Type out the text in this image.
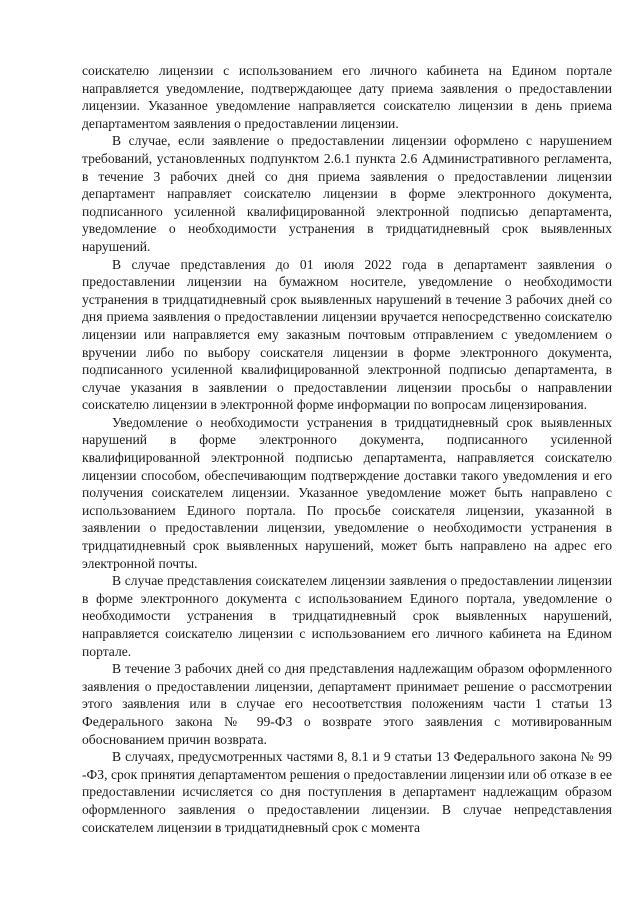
соискателю лицензии с использованием его личного кабинета на Едином портале направляется уведомление, подтверждающее дату приема заявления о предоставлении лицензии. Указанное уведомление направляется соискателю лицензии в день приема департаментом заявления о предоставлении лицензии.

В случае, если заявление о предоставлении лицензии оформлено с нарушением требований, установленных подпунктом 2.6.1 пункта 2.6 Административного регламента, в течение 3 рабочих дней со дня приема заявления о предоставлении лицензии департамент направляет соискателю лицензии в форме электронного документа, подписанного усиленной квалифицированной электронной подписью департамента, уведомление о необходимости устранения в тридцатидневный срок выявленных нарушений.

В случае представления до 01 июля 2022 года в департамент заявления о предоставлении лицензии на бумажном носителе, уведомление о необходимости устранения в тридцатидневный срок выявленных нарушений в течение 3 рабочих дней со дня приема заявления о предоставлении лицензии вручается непосредственно соискателю лицензии или направляется ему заказным почтовым отправлением с уведомлением о вручении либо по выбору соискателя лицензии в форме электронного документа, подписанного усиленной квалифицированной электронной подписью департамента, в случае указания в заявлении о предоставлении лицензии просьбы о направлении соискателю лицензии в электронной форме информации по вопросам лицензирования.

Уведомление о необходимости устранения в тридцатидневный срок выявленных нарушений в форме электронного документа, подписанного усиленной квалифицированной электронной подписью департамента, направляется соискателю лицензии способом, обеспечивающим подтверждение доставки такого уведомления и его получения соискателем лицензии. Указанное уведомление может быть направлено с использованием Единого портала. По просьбе соискателя лицензии, указанной в заявлении о предоставлении лицензии, уведомление о необходимости устранения в тридцатидневный срок выявленных нарушений, может быть направлено на адрес его электронной почты.

В случае представления соискателем лицензии заявления о предоставлении лицензии в форме электронного документа с использованием Единого портала, уведомление о необходимости устранения в тридцатидневный срок выявленных нарушений, направляется соискателю лицензии с использованием его личного кабинета на Едином портале.

В течение 3 рабочих дней со дня представления надлежащим образом оформленного заявления о предоставлении лицензии, департамент принимает решение о рассмотрении этого заявления или в случае его несоответствия положениям части 1 статьи 13 Федерального закона № 99-ФЗ о возврате этого заявления с мотивированным обоснованием причин возврата.

В случаях, предусмотренных частями 8, 8.1 и 9 статьи 13 Федерального закона № 99 -ФЗ, срок принятия департаментом решения о предоставлении лицензии или об отказе в ее предоставлении исчисляется со дня поступления в департамент надлежащим образом оформленного заявления о предоставлении лицензии. В случае непредставления соискателем лицензии в тридцатидневный срок с момента
